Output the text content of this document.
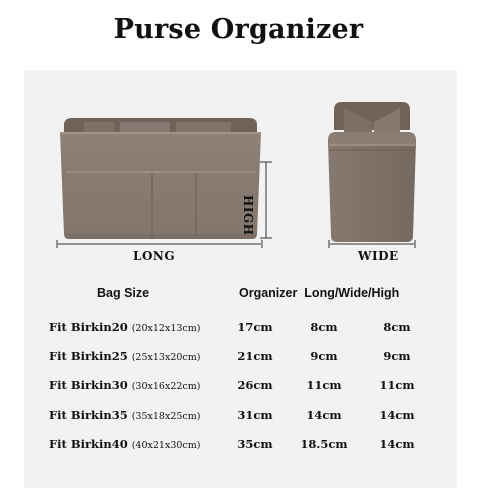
Purse Organizer
LONG
HIGH
WIDE
Bag Size	Organizer  Long/Wide/High
Fit Birkin20 (20x12x13cm)	17cm	8cm	8cm
Fit Birkin25 (25x13x20cm)	21cm	9cm	9cm
Fit Birkin30 (30x16x22cm)	26cm	11cm	11cm
Fit Birkin35 (35x18x25cm)	31cm	14cm	14cm
Fit Birkin40 (40x21x30cm)	35cm	18.5cm	14cm
